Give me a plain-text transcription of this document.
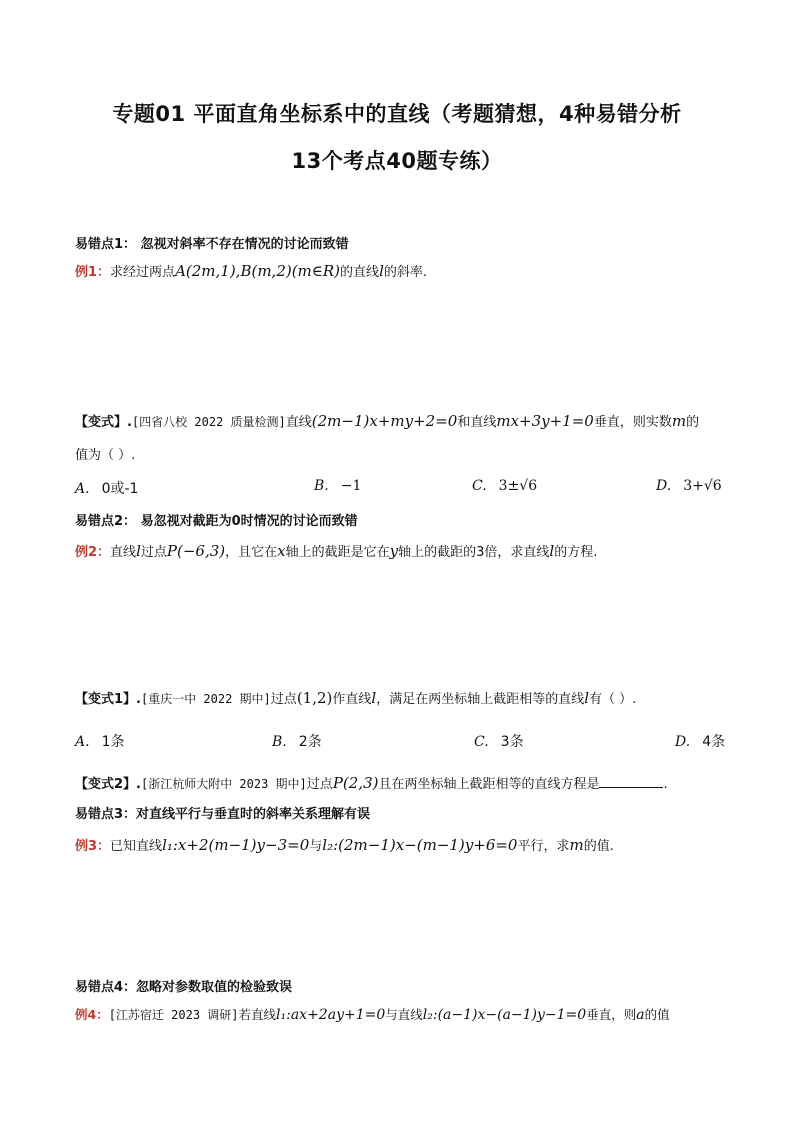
专题01 平面直角坐标系中的直线（考题猜想，4种易错分析
13个考点40题专练）

易错点1： 忽视对斜率不存在情况的讨论而致错

例1：求经过两点A(2m,1),B(m,2)(m∈R)的直线l的斜率.

【变式】.[四省八校 2022 质量检测]直线(2m−1)x+my+2=0和直线mx+3y+1=0垂直，则实数m的

值为（ ）.

A. 0或-1	B. −1	C. 3±√6	D. 3+√6

易错点2： 易忽视对截距为0时情况的讨论而致错

例2：直线l过点P(−6,3)，且它在x轴上的截距是它在y轴上的截距的3倍，求直线l的方程.

【变式1】.[重庆一中 2022 期中]过点(1,2)作直线l，满足在两坐标轴上截距相等的直线l有（ ）.

A. 1条	B. 2条	C. 3条	D. 4条

【变式2】.[浙江杭师大附中 2023 期中]过点P(2,3)且在两坐标轴上截距相等的直线方程是	.

易错点3：对直线平行与垂直时的斜率关系理解有误

例3：已知直线l₁:x+2(m−1)y−3=0与l₂:(2m−1)x−(m−1)y+6=0平行，求m的值.

易错点4：忽略对参数取值的检验致误

例4：[江苏宿迁 2023 调研]若直线l₁:ax+2ay+1=0与直线l₂:(a−1)x−(a−1)y−1=0垂直，则a的值
